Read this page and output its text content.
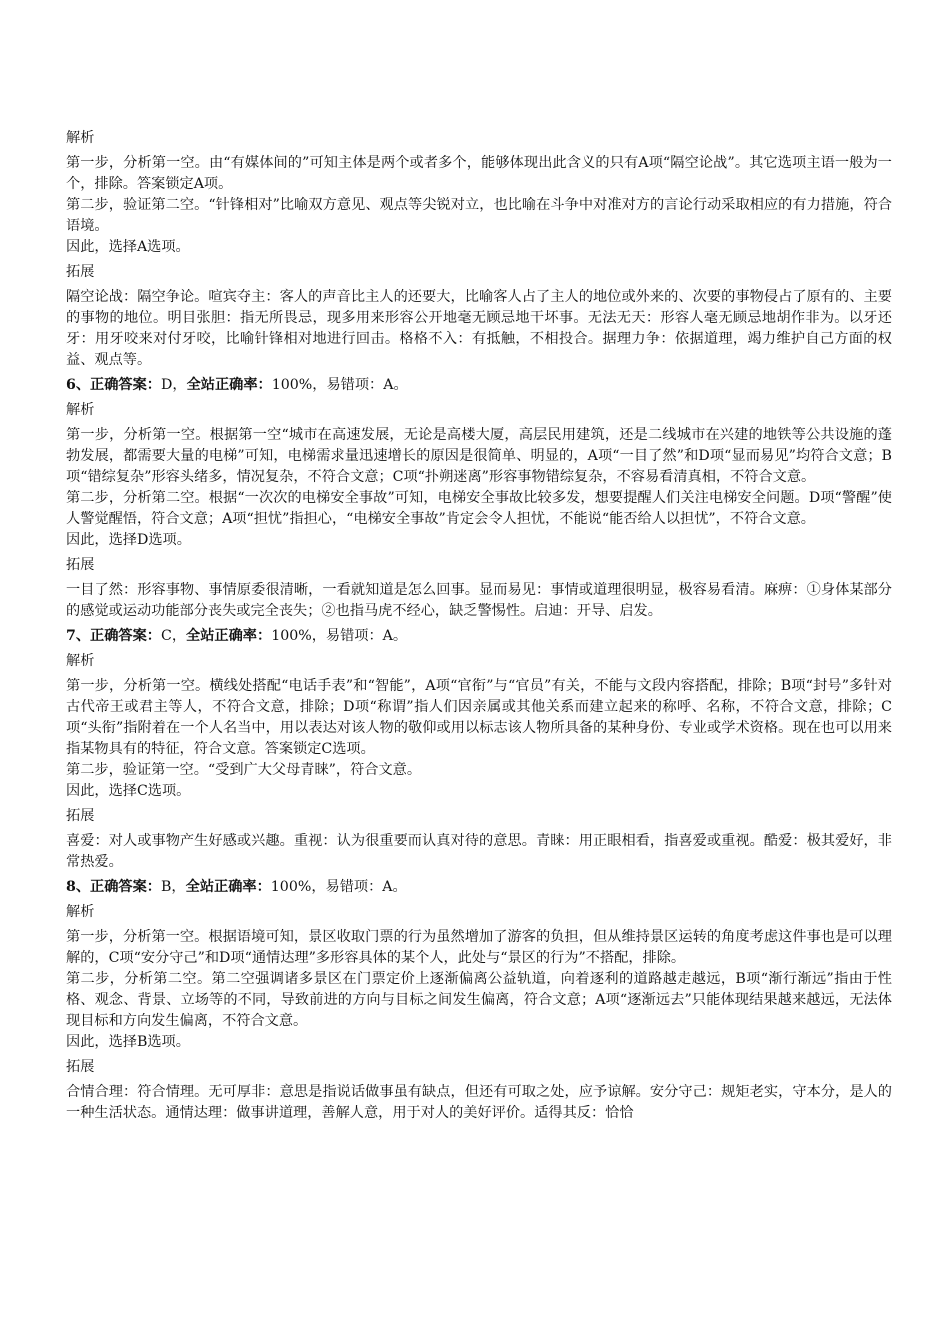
解析
第一步，分析第一空。由“有媒体间的”可知主体是两个或者多个，能够体现出此含义的只有A项“隔空论战”。其它选项主语一般为一个，排除。答案锁定A项。
第二步，验证第二空。“针锋相对”比喻双方意见、观点等尖锐对立，也比喻在斗争中对准对方的言论行动采取相应的有力措施，符合语境。
因此，选择A选项。
拓展
隔空论战：隔空争论。喧宾夺主：客人的声音比主人的还要大，比喻客人占了主人的地位或外来的、次要的事物侵占了原有的、主要的事物的地位。明目张胆：指无所畏忌，现多用来形容公开地毫无顾忌地干坏事。无法无天：形容人毫无顾忌地胡作非为。以牙还牙：用牙咬来对付牙咬，比喻针锋相对地进行回击。格格不入：有抵触，不相投合。据理力争：依据道理，竭力维护自己方面的权益、观点等。
6、正确答案：D，全站正确率：100%，易错项：A。
解析
第一步，分析第一空。根据第一空“城市在高速发展，无论是高楼大厦，高层民用建筑，还是二线城市在兴建的地铁等公共设施的蓬勃发展，都需要大量的电梯”可知，电梯需求量迅速增长的原因是很简单、明显的，A项“一目了然”和D项“显而易见”均符合文意；B项“错综复杂”形容头绪多，情况复杂，不符合文意；C项“扑朔迷离”形容事物错综复杂，不容易看清真相，不符合文意。
第二步，分析第二空。根据“一次次的电梯安全事故”可知，电梯安全事故比较多发，想要提醒人们关注电梯安全问题。D项“警醒”使人警觉醒悟，符合文意；A项“担忧”指担心，“电梯安全事故”肯定会令人担忧，不能说“能否给人以担忧”，不符合文意。
因此，选择D选项。
拓展
一目了然：形容事物、事情原委很清晰，一看就知道是怎么回事。显而易见：事情或道理很明显，极容易看清。麻痹：①身体某部分的感觉或运动功能部分丧失或完全丧失；②也指马虎不经心，缺乏警惕性。启迪：开导、启发。
7、正确答案：C，全站正确率：100%，易错项：A。
解析
第一步，分析第一空。横线处搭配“电话手表”和“智能”，A项“官衔”与“官员”有关，不能与文段内容搭配，排除；B项“封号”多针对古代帝王或君主等人，不符合文意，排除；D项“称谓”指人们因亲属或其他关系而建立起来的称呼、名称，不符合文意，排除；C项“头衔”指附着在一个人名当中，用以表达对该人物的敬仰或用以标志该人物所具备的某种身份、专业或学术资格。现在也可以用来指某物具有的特征，符合文意。答案锁定C选项。
第二步，验证第一空。“受到广大父母青睐”，符合文意。
因此，选择C选项。
拓展
喜爱：对人或事物产生好感或兴趣。重视：认为很重要而认真对待的意思。青睐：用正眼相看，指喜爱或重视。酷爱：极其爱好，非常热爱。
8、正确答案：B，全站正确率：100%，易错项：A。
解析
第一步，分析第一空。根据语境可知，景区收取门票的行为虽然增加了游客的负担，但从维持景区运转的角度考虑这件事也是可以理解的，C项“安分守己”和D项“通情达理”多形容具体的某个人，此处与“景区的行为”不搭配，排除。
第二步，分析第二空。第二空强调诸多景区在门票定价上逐渐偏离公益轨道，向着逐利的道路越走越远，B项“渐行渐远”指由于性格、观念、背景、立场等的不同，导致前进的方向与目标之间发生偏离，符合文意；A项“逐渐远去”只能体现结果越来越远，无法体现目标和方向发生偏离，不符合文意。
因此，选择B选项。
拓展
合情合理：符合情理。无可厚非：意思是指说话做事虽有缺点，但还有可取之处，应予谅解。安分守己：规矩老实，守本分，是人的一种生活状态。通情达理：做事讲道理，善解人意，用于对人的美好评价。适得其反：恰恰
